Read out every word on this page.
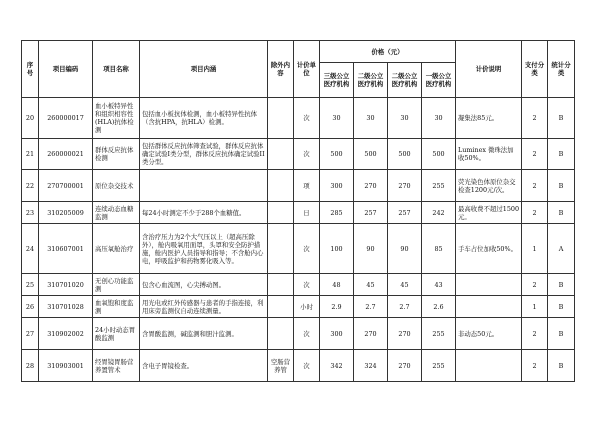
序号	项目编码	项目名称	项目内涵	除外内容	计价单位	价格（元）				计价说明	支付分类	统计分类
						三级公立医疗机构	二级公立医疗机构	二级公立医疗机构	一级公立医疗机构			
20	260000017	血小板特异性和组织相容性(HLA)抗体检测	包括血小板抗体检测，血小板特异性抗体（含抗HPA，抗HLA）检测。		次	30	30	30	30	凝集法85元。	2	B
21	260000021	群体反应抗体检测	包括群体反应抗体筛查试验，群体反应抗体确定试验I类分型，群体反应抗体确定试验II类分型。		次	500	500	500	500	Luminex 微珠法加收50%。	2	B
22	270700001	原位杂交技术			项	300	270	270	255	荧光染色体原位杂交检查1200元/次。	2	B
23	310205009	连续动态血糖监测	每24小时测定不少于288个血糖值。		日	285	257	257	242	最高收费不超过1500元。	2	B
24	310607001	高压氧舱治疗	含治疗压力为2个大气压以上（超高压除外），舱内吸氧用面罩，头罩和安全防护措施，舱内医护人员指导和指导；不含舱内心电，呼吸监护和药物雾化吸入等。		次	100	90	90	85	手车占位加收50%。	1	A
25	310701020	无创心功能监测	包含心血流图，心尖搏动图。		次	48	45	45	43		2	B
26	310701028	血氧饱和度监测	用光电或红外传感器与患者的手指连接，利用床旁监测仪自动连续测量。		小时	2.9	2.7	2.7	2.6		1	B
27	310902002	24小时动态胃酸监测	含胃酸监测，碱监测和胆汁监测。		次	300	270	270	255	非动态50元。	2	B
28	310903001	经胃镜胃肠营养置管术	含电子胃镜检查。	空肠营养管	次	342	324	270	255		2	B
